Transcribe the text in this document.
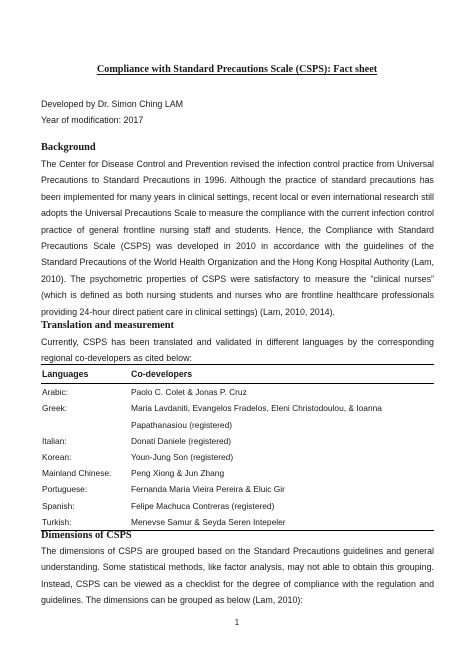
Compliance with Standard Precautions Scale (CSPS): Fact sheet
Developed by Dr. Simon Ching LAM
Year of modification: 2017
Background

The Center for Disease Control and Prevention revised the infection control practice from Universal Precautions to Standard Precautions in 1996. Although the practice of standard precautions has been implemented for many years in clinical settings, recent local or even international research still adopts the Universal Precautions Scale to measure the compliance with the current infection control practice of general frontline nursing staff and students. Hence, the Compliance with Standard Precautions Scale (CSPS) was developed in 2010 in accordance with the guidelines of the Standard Precautions of the World Health Organization and the Hong Kong Hospital Authority (Lam, 2010). The psychometric properties of CSPS were satisfactory to measure the “clinical nurses” (which is defined as both nursing students and nurses who are frontline healthcare professionals providing 24-hour direct patient care in clinical settings) (Lam, 2010, 2014).

Translation and measurement

Currently, CSPS has been translated and validated in different languages by the corresponding regional co-developers as cited below:

Languages	Co-developers
Arabic:	Paolo C. Colet & Jonas P. Cruz
Greek:	Maria Lavdaniti, Evangelos Fradelos, Eleni Christodoulou, & Ioanna Papathanasiou (registered)
Italian:	Donati Daniele (registered)
Korean:	Youn-Jung Son (registered)
Mainland Chinese:	Peng Xiong & Jun Zhang
Portuguese:	Fernanda Maria Vieira Pereira & Eluic Gir
Spanish:	Felipe Machuca Contreras (registered)
Turkish:	Menevse Samur & Seyda Seren Intepeler
Dimensions of CSPS

The dimensions of CSPS are grouped based on the Standard Precautions guidelines and general understanding. Some statistical methods, like factor analysis, may not able to obtain this grouping. Instead, CSPS can be viewed as a checklist for the degree of compliance with the regulation and guidelines. The dimensions can be grouped as below (Lam, 2010):

1
